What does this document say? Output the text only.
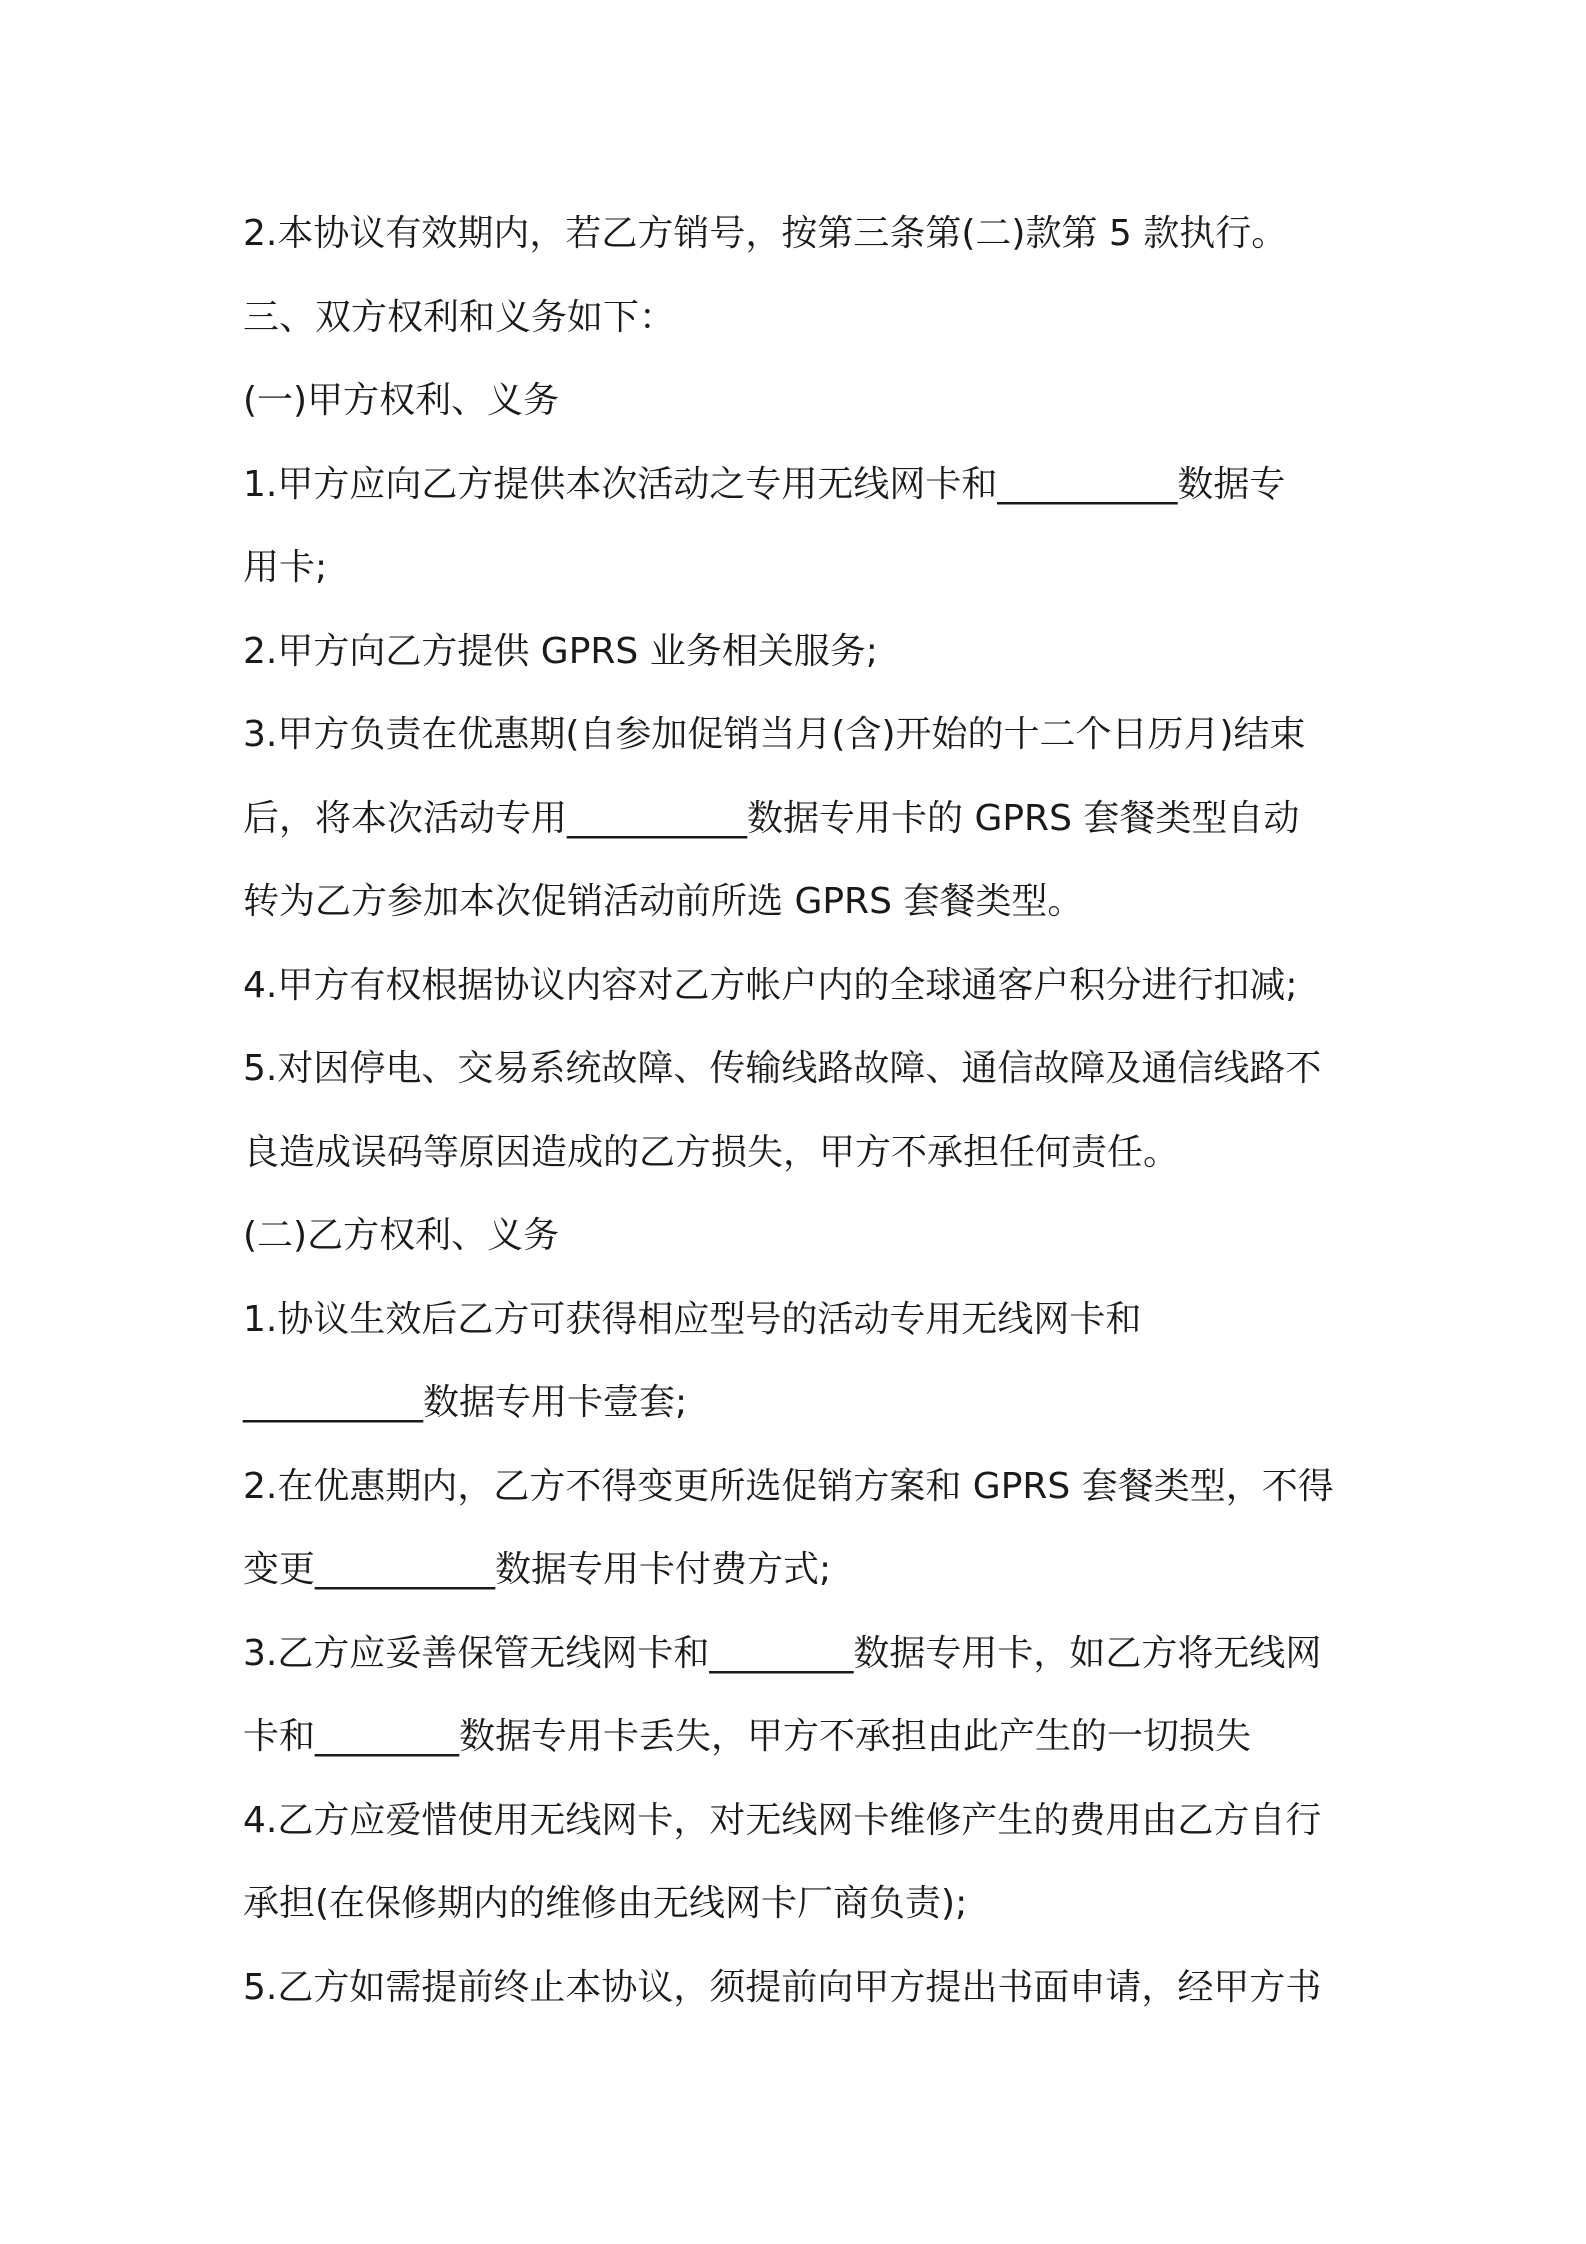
2.本协议有效期内，若乙方销号，按第三条第(二)款第 5 款执行。
三、双方权利和义务如下：
(一)甲方权利、义务
1.甲方应向乙方提供本次活动之专用无线网卡和__________数据专
用卡;
2.甲方向乙方提供 GPRS 业务相关服务;
3.甲方负责在优惠期(自参加促销当月(含)开始的十二个日历月)结束
后，将本次活动专用__________数据专用卡的 GPRS 套餐类型自动
转为乙方参加本次促销活动前所选 GPRS 套餐类型。
4.甲方有权根据协议内容对乙方帐户内的全球通客户积分进行扣减;
5.对因停电、交易系统故障、传输线路故障、通信故障及通信线路不
良造成误码等原因造成的乙方损失，甲方不承担任何责任。
(二)乙方权利、义务
1.协议生效后乙方可获得相应型号的活动专用无线网卡和
__________数据专用卡壹套;
2.在优惠期内，乙方不得变更所选促销方案和 GPRS 套餐类型，不得
变更__________数据专用卡付费方式;
3.乙方应妥善保管无线网卡和________数据专用卡，如乙方将无线网
卡和________数据专用卡丢失，甲方不承担由此产生的一切损失
4.乙方应爱惜使用无线网卡，对无线网卡维修产生的费用由乙方自行
承担(在保修期内的维修由无线网卡厂商负责);
5.乙方如需提前终止本协议，须提前向甲方提出书面申请，经甲方书
